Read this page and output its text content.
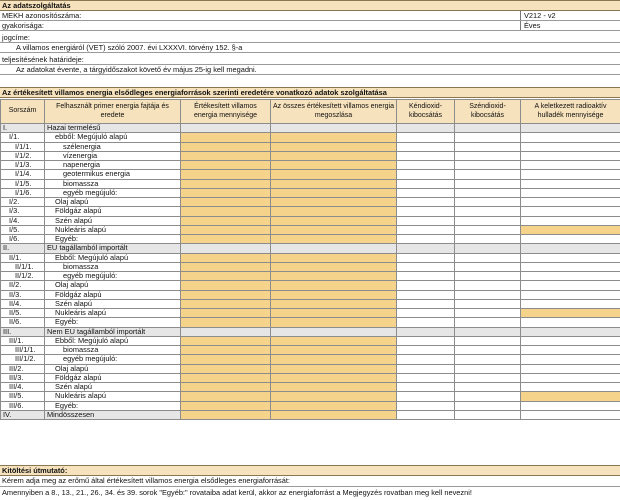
Az adatszolgáltatás
MEKH azonosítószáma:	V212 - v2
gyakorisága:	Éves
jogcíme:
A villamos energiáról (VET) szóló 2007. évi LXXXVI. törvény 152. §-a
teljesítésének határideje:
Az adatokat évente, a tárgyidőszakot követő év május 25-ig kell megadni.
Az értékesített villamos energia elsődleges energiaforrások szerinti eredetére vonatkozó adatok szolgáltatása
Sorszám	Felhasznált primer energia fajtája és eredete	Értékesített villamos energia mennyisége	Az összes értékesített villamos energia megoszlása	Kéndioxid-kibocsátás	Széndioxid-kibocsátás	A keletkezett radioaktív hulladék mennyisége
I.	Hazai termelésű					
I/1.	ebből: Megújuló alapú					
I/1/1.	szélenergia					
I/1/2.	vízenergia					
I/1/3.	napenergia					
I/1/4.	geotermikus energia					
I/1/5.	biomassza					
I/1/6.	egyéb megújuló:					
I/2.	Olaj alapú					
I/3.	Földgáz alapú					
I/4.	Szén alapú					
I/5.	Nukleáris alapú					
I/6.	Egyéb:					
II.	EU tagállamból importált					
II/1.	Ebből: Megújuló alapú					
II/1/1.	biomassza					
II/1/2.	egyéb megújuló:					
II/2.	Olaj alapú					
II/3.	Földgáz alapú					
II/4.	Szén alapú					
II/5.	Nukleáris alapú					
II/6.	Egyéb:					
III.	Nem EU tagállamból importált					
III/1.	Ebből: Megújuló alapú					
III/1/1.	biomassza					
III/1/2.	egyéb megújuló:					
III/2.	Olaj alapú					
III/3.	Földgáz alapú					
III/4.	Szén alapú					
III/5.	Nukleáris alapú					
III/6.	Egyéb:					
IV.	Mindösszesen					
Kitöltési útmutató:
Kérem adja meg az erőmű által értékesített villamos energia elsődleges energiaforrását:
Amennyiben a 8., 13., 21., 26., 34. és 39. sorok "Egyéb:" rovataiba adat kerül, akkor az energiaforrást a Megjegyzés rovatban meg kell nevezni!
